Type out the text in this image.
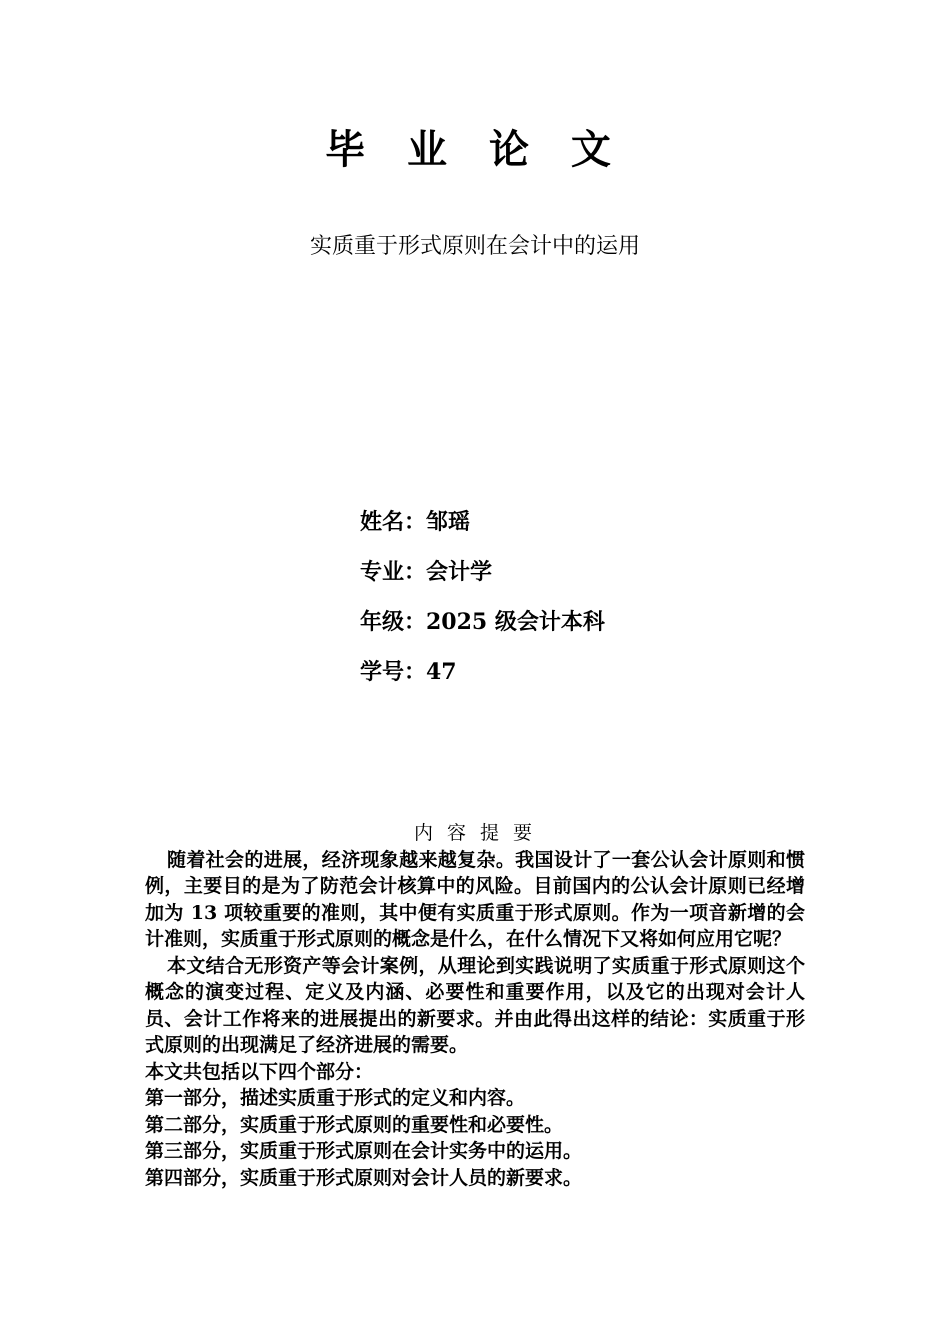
毕 业 论 文
实质重于形式原则在会计中的运用
姓名：邹瑶
专业：会计学
年级：2025 级会计本科
学号：47
内 容 提 要

随着社会的进展，经济现象越来越复杂。我国设计了一套公认会计原则和惯例，主要目的是为了防范会计核算中的风险。目前国内的公认会计原则已经增加为 13 项较重要的准则，其中便有实质重于形式原则。作为一项音新增的会计准则，实质重于形式原则的概念是什么，在什么情况下又将如何应用它呢？

本文结合无形资产等会计案例，从理论到实践说明了实质重于形式原则这个概念的演变过程、定义及内涵、必要性和重要作用，以及它的出现对会计人员、会计工作将来的进展提出的新要求。并由此得出这样的结论：实质重于形式原则的出现满足了经济进展的需要。

本文共包括以下四个部分：

第一部分，描述实质重于形式的定义和内容。

第二部分，实质重于形式原则的重要性和必要性。

第三部分，实质重于形式原则在会计实务中的运用。

第四部分，实质重于形式原则对会计人员的新要求。
